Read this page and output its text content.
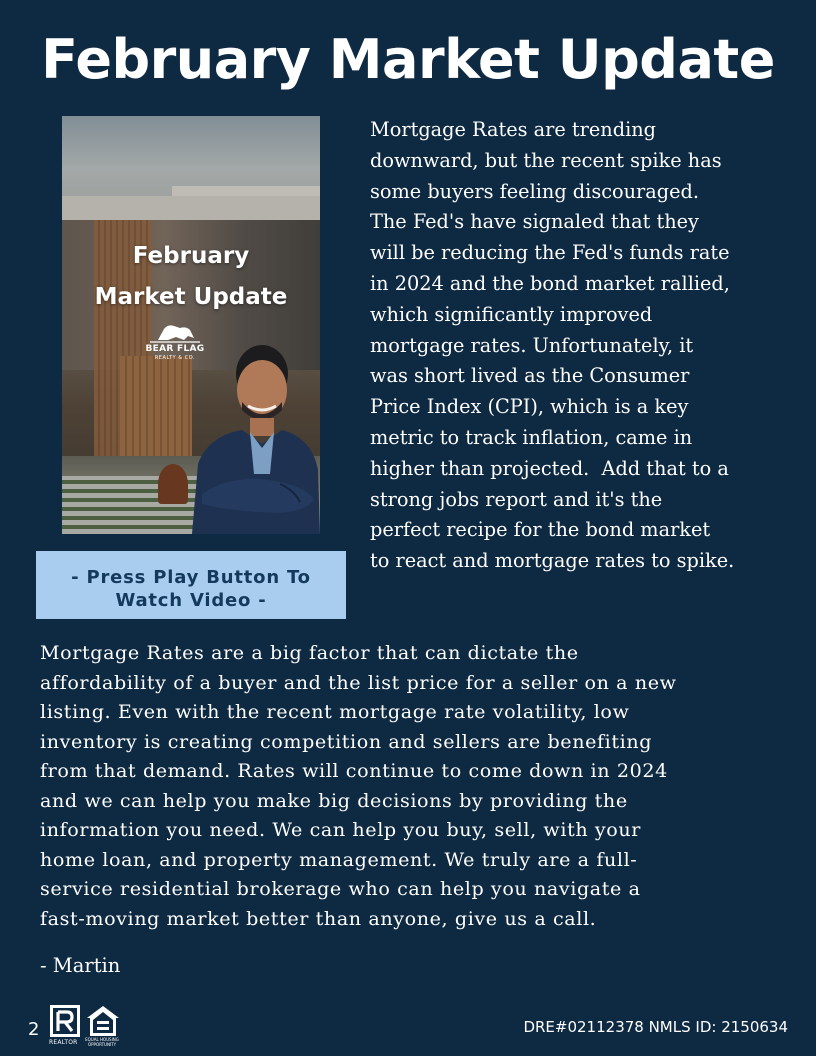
February Market Update
February
Market Update
BEAR FLAG
REALTY & CO.
- Press Play Button To
Watch Video -
Mortgage Rates are trending
downward, but the recent spike has
some buyers feeling discouraged.
The Fed's have signaled that they
will be reducing the Fed's funds rate
in 2024 and the bond market rallied,
which significantly improved
mortgage rates. Unfortunately, it
was short lived as the Consumer
Price Index (CPI), which is a key
metric to track inflation, came in
higher than projected.  Add that to a
strong jobs report and it's the
perfect recipe for the bond market
to react and mortgage rates to spike.
Mortgage Rates are a big factor that can dictate the
affordability of a buyer and the list price for a seller on a new
listing. Even with the recent mortgage rate volatility, low
inventory is creating competition and sellers are benefiting
from that demand. Rates will continue to come down in 2024
and we can help you make big decisions by providing the
information you need. We can help you buy, sell, with your
home loan, and property management. We truly are a full-
service residential brokerage who can help you navigate a
fast-moving market better than anyone, give us a call.
- Martin
2
REALTOR	EQUAL HOUSING OPPORTUNITY
DRE#02112378 NMLS ID: 2150634
